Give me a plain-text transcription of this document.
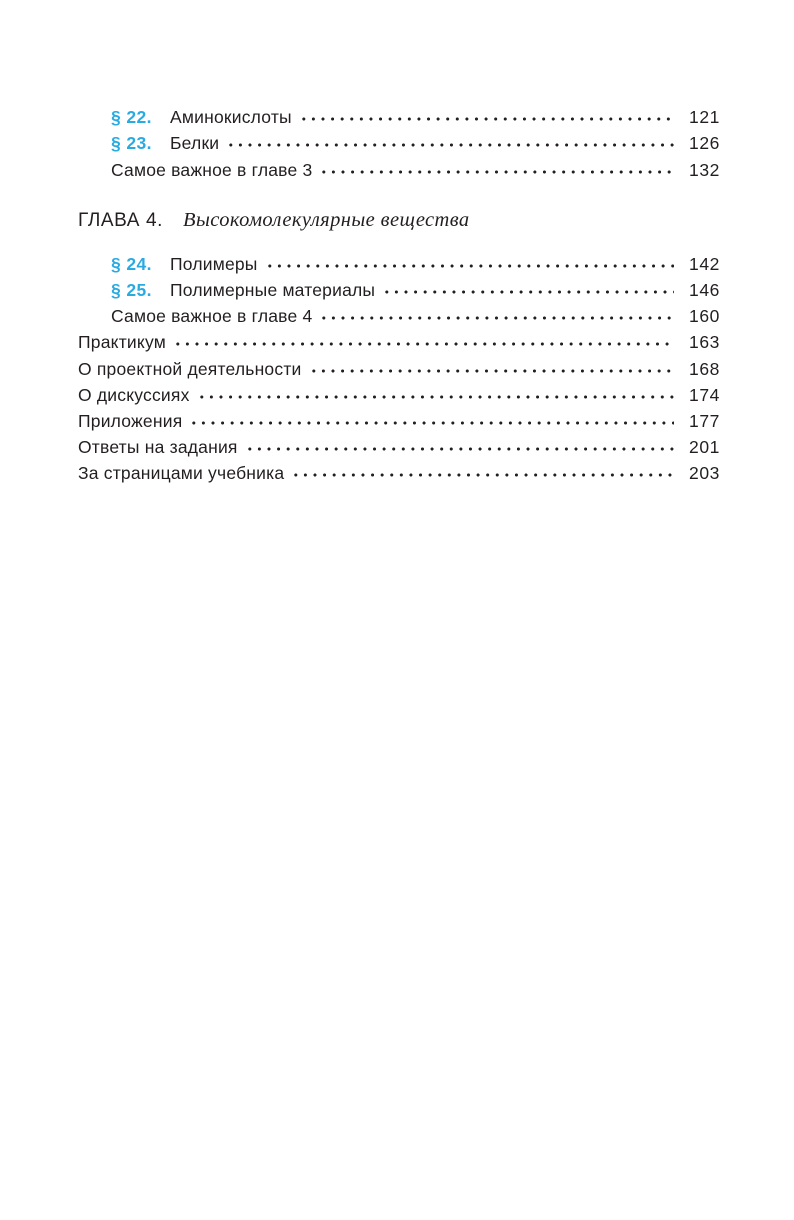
§ 22.	Аминокислоты	121
§ 23.	Белки	126
Самое важное в главе 3	132
ГЛАВА 4. Высокомолекулярные вещества
§ 24.	Полимеры	142
§ 25.	Полимерные материалы	146
Самое важное в главе 4	160
Практикум	163
О проектной деятельности	168
О дискуссиях	174
Приложения	177
Ответы на задания	201
За страницами учебника	203
